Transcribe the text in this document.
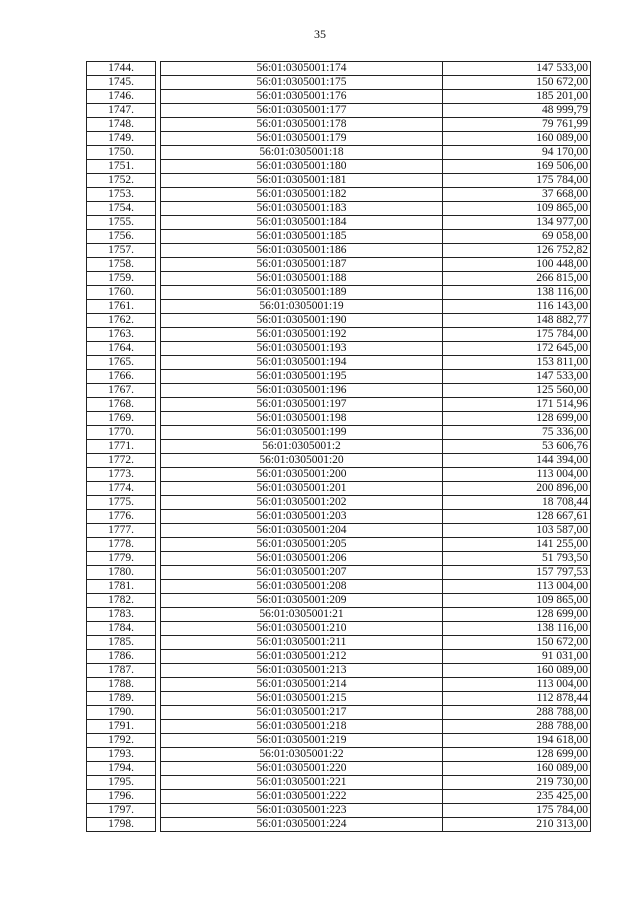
35
1744.		56:01:0305001:174	147 533,00
1745.		56:01:0305001:175	150 672,00
1746.		56:01:0305001:176	185 201,00
1747.		56:01:0305001:177	48 999,79
1748.		56:01:0305001:178	79 761,99
1749.		56:01:0305001:179	160 089,00
1750.		56:01:0305001:18	94 170,00
1751.		56:01:0305001:180	169 506,00
1752.		56:01:0305001:181	175 784,00
1753.		56:01:0305001:182	37 668,00
1754.		56:01:0305001:183	109 865,00
1755.		56:01:0305001:184	134 977,00
1756.		56:01:0305001:185	69 058,00
1757.		56:01:0305001:186	126 752,82
1758.		56:01:0305001:187	100 448,00
1759.		56:01:0305001:188	266 815,00
1760.		56:01:0305001:189	138 116,00
1761.		56:01:0305001:19	116 143,00
1762.		56:01:0305001:190	148 882,77
1763.		56:01:0305001:192	175 784,00
1764.		56:01:0305001:193	172 645,00
1765.		56:01:0305001:194	153 811,00
1766.		56:01:0305001:195	147 533,00
1767.		56:01:0305001:196	125 560,00
1768.		56:01:0305001:197	171 514,96
1769.		56:01:0305001:198	128 699,00
1770.		56:01:0305001:199	75 336,00
1771.		56:01:0305001:2	53 606,76
1772.		56:01:0305001:20	144 394,00
1773.		56:01:0305001:200	113 004,00
1774.		56:01:0305001:201	200 896,00
1775.		56:01:0305001:202	18 708,44
1776.		56:01:0305001:203	128 667,61
1777.		56:01:0305001:204	103 587,00
1778.		56:01:0305001:205	141 255,00
1779.		56:01:0305001:206	51 793,50
1780.		56:01:0305001:207	157 797,53
1781.		56:01:0305001:208	113 004,00
1782.		56:01:0305001:209	109 865,00
1783.		56:01:0305001:21	128 699,00
1784.		56:01:0305001:210	138 116,00
1785.		56:01:0305001:211	150 672,00
1786.		56:01:0305001:212	91 031,00
1787.		56:01:0305001:213	160 089,00
1788.		56:01:0305001:214	113 004,00
1789.		56:01:0305001:215	112 878,44
1790.		56:01:0305001:217	288 788,00
1791.		56:01:0305001:218	288 788,00
1792.		56:01:0305001:219	194 618,00
1793.		56:01:0305001:22	128 699,00
1794.		56:01:0305001:220	160 089,00
1795.		56:01:0305001:221	219 730,00
1796.		56:01:0305001:222	235 425,00
1797.		56:01:0305001:223	175 784,00
1798.		56:01:0305001:224	210 313,00
